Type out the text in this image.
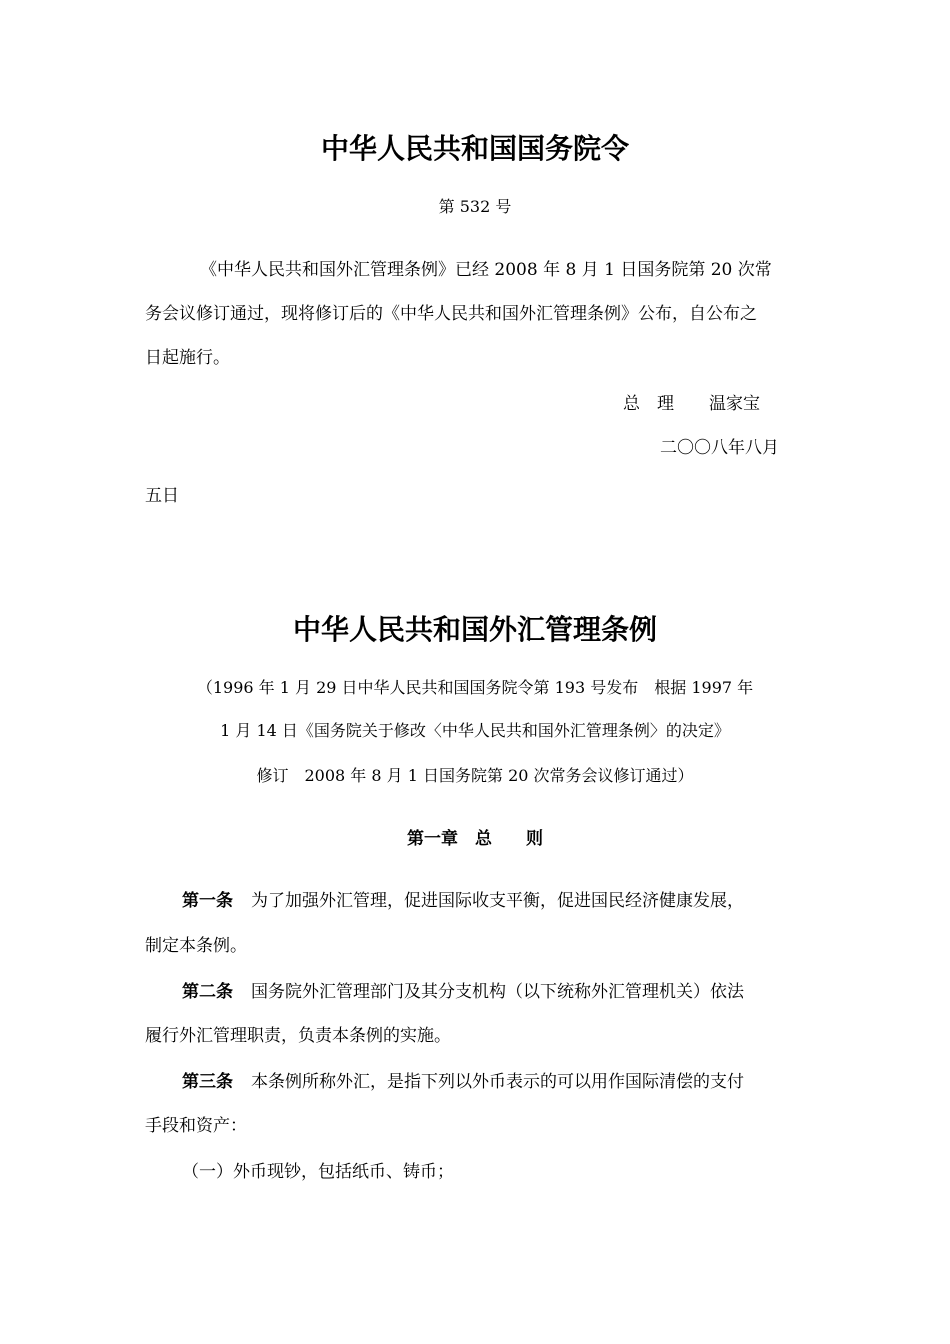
中华人民共和国国务院令
第 532 号
《中华人民共和国外汇管理条例》已经 2008 年 8 月 1 日国务院第 20 次常
务会议修订通过，现将修订后的《中华人民共和国外汇管理条例》公布，自公布之
日起施行。
总　理 温家宝
二〇〇八年八月
五日
中华人民共和国外汇管理条例
（1996 年 1 月 29 日中华人民共和国国务院令第 193 号发布　根据 1997 年
1 月 14 日《国务院关于修改〈中华人民共和国外汇管理条例〉的决定》
修订　2008 年 8 月 1 日国务院第 20 次常务会议修订通过）
第一章　总　　则
第一条 为了加强外汇管理，促进国际收支平衡，促进国民经济健康发展，
制定本条例。
第二条 国务院外汇管理部门及其分支机构（以下统称外汇管理机关）依法
履行外汇管理职责，负责本条例的实施。
第三条 本条例所称外汇，是指下列以外币表示的可以用作国际清偿的支付
手段和资产：
（一）外币现钞，包括纸币、铸币；
